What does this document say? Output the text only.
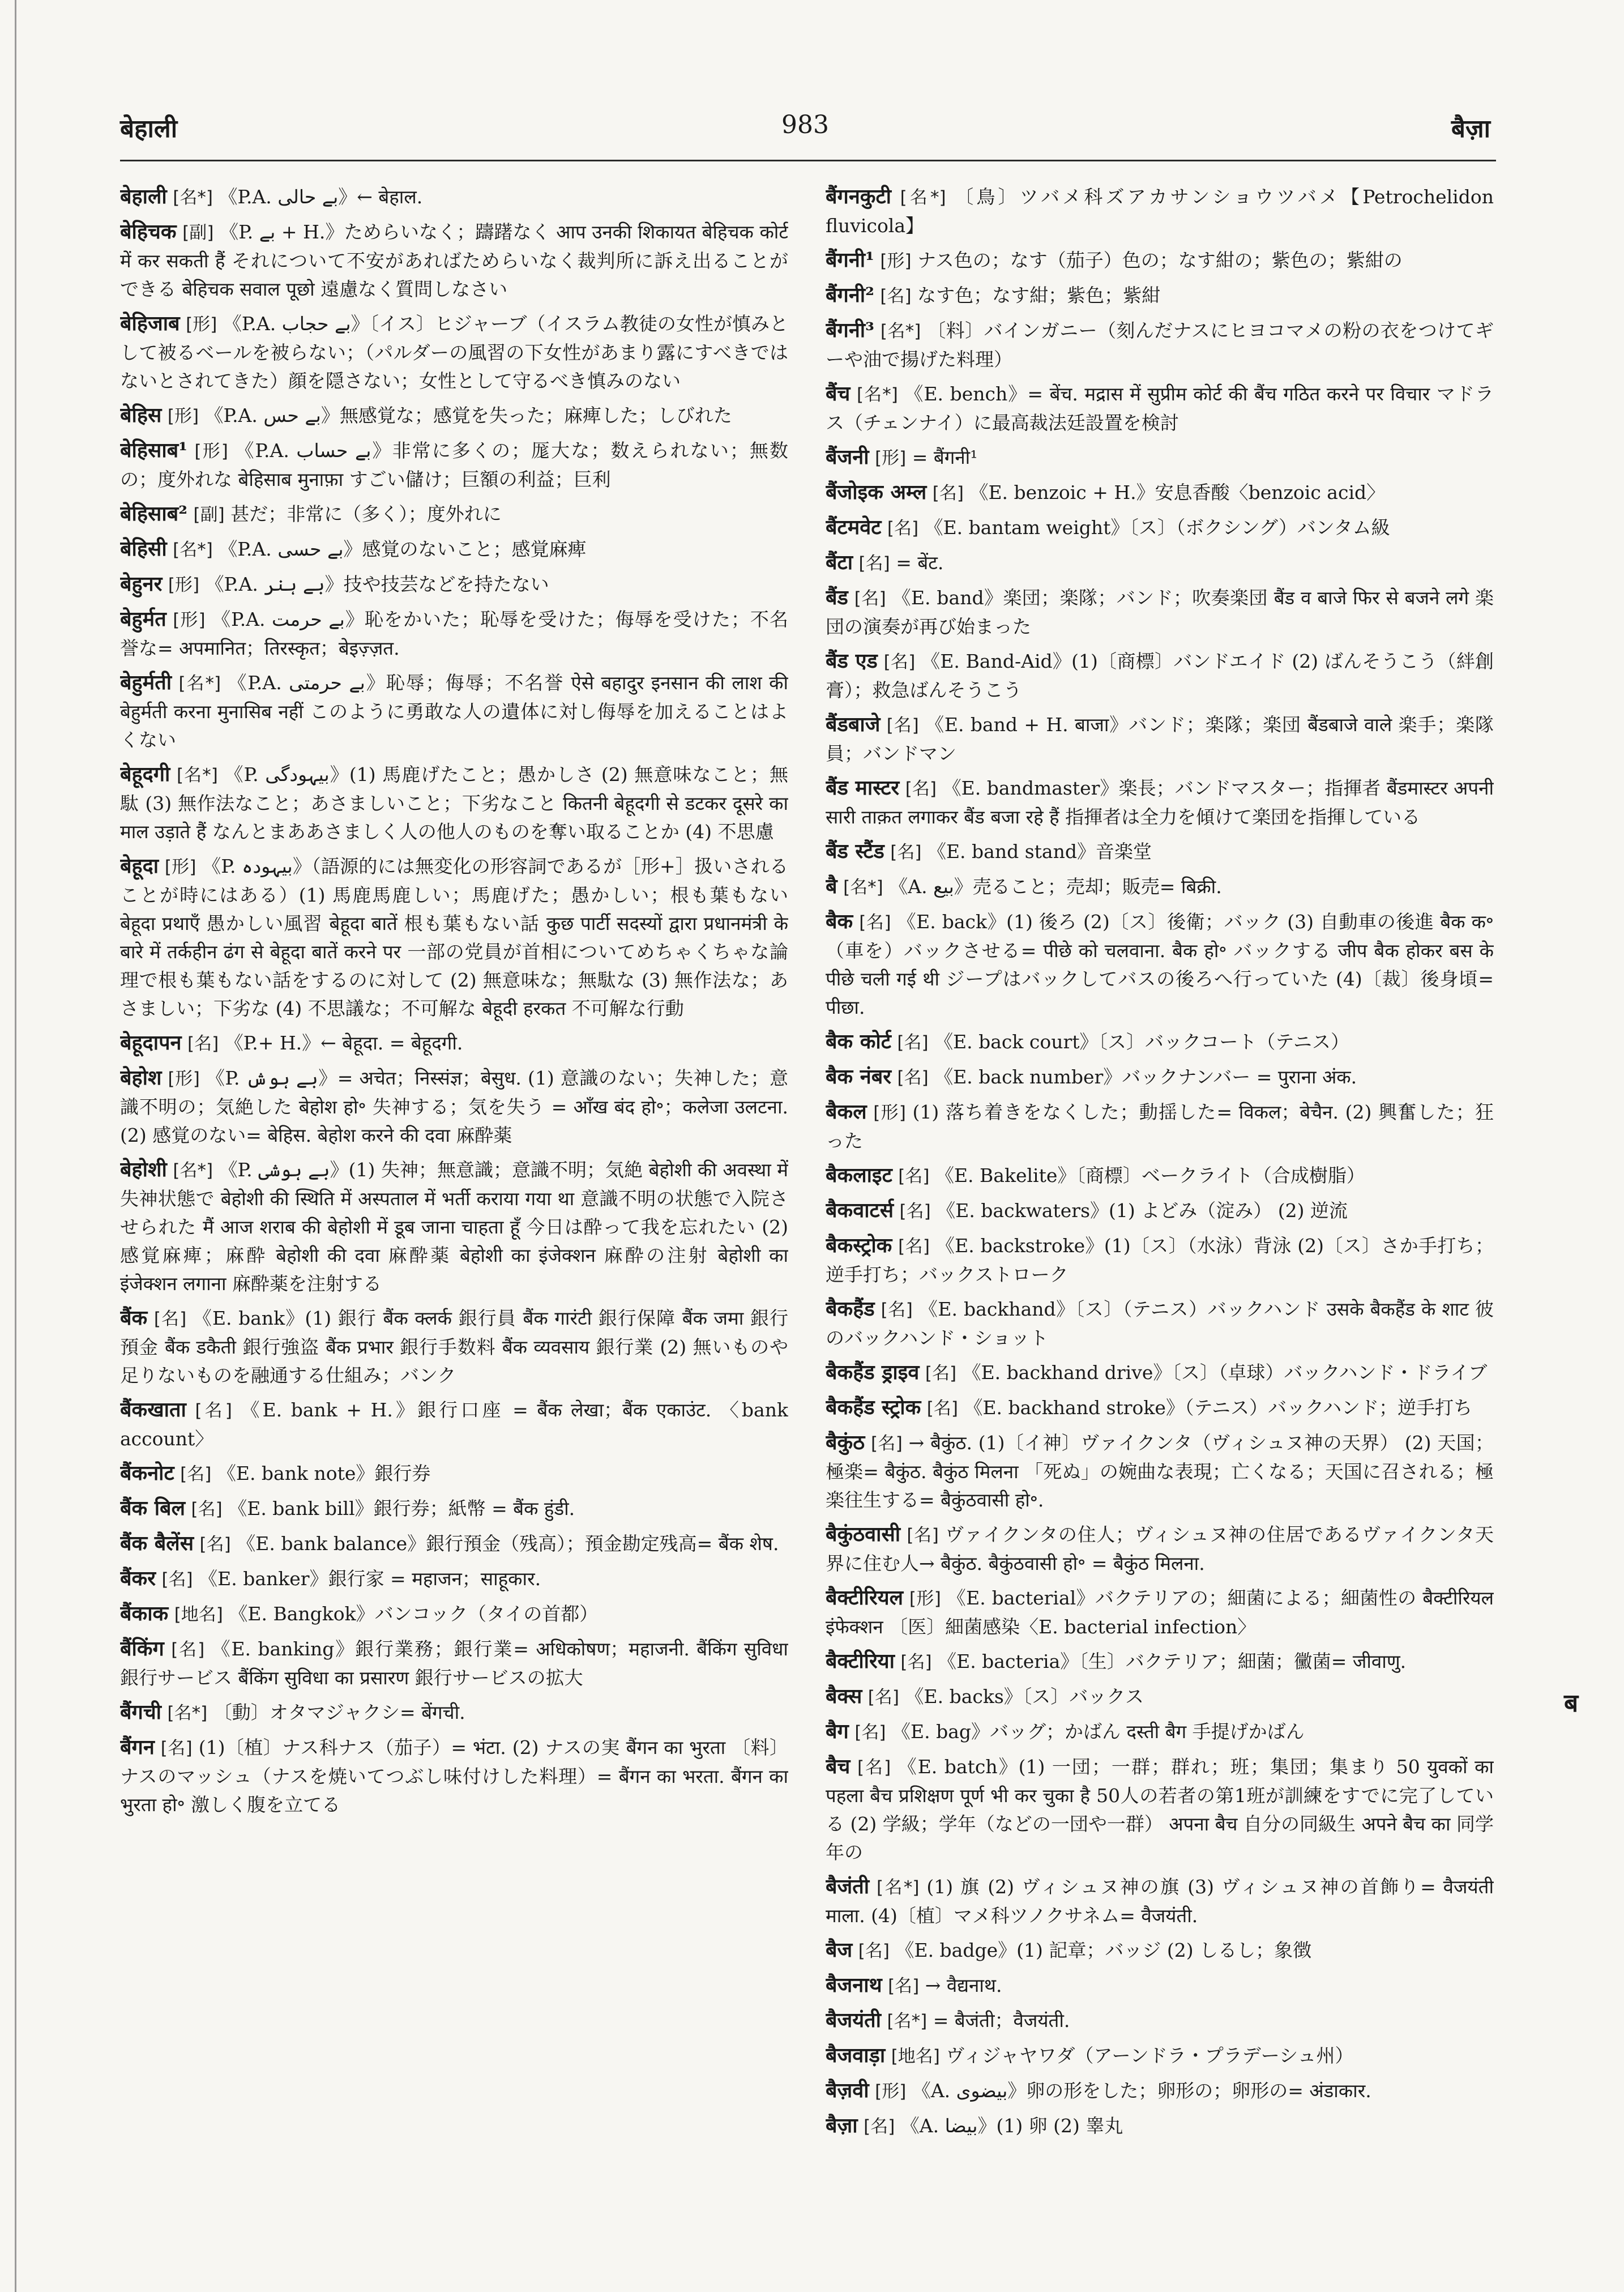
बेहाली	983	बैज़ा

बेहाली [名*] 《P.A. بے حالی》← बेहाल.

बेहिचक [副] 《P. بے + H.》ためらいなく；躊躇なく आप उनकी शिकायत बेहिचक कोर्ट में कर सकती हैं それについて不安があればためらいなく裁判所に訴え出ることができる बेहिचक सवाल पूछो 遠慮なく質問しなさい

बेहिजाब [形] 《P.A. بے حجاب》〔イス〕ヒジャーブ（イスラム教徒の女性が慎みとして被るベールを被らない；（パルダーの風習の下女性があまり露にすべきではないとされてきた）顔を隠さない；女性として守るべき慎みのない

बेहिस [形] 《P.A. بے حس》無感覚な；感覚を失った；麻痺した；しびれた

बेहिसाब¹ [形] 《P.A. بے حساب》非常に多くの；厖大な；数えられない；無数の；度外れな बेहिसाब मुनाफ़ा すごい儲け；巨額の利益；巨利

बेहिसाब² [副] 甚だ；非常に（多く）；度外れに

बेहिसी [名*] 《P.A. بے حسی》感覚のないこと；感覚麻痺

बेहुनर [形] 《P.A. بے ہنر》技や技芸などを持たない

बेहुर्मत [形] 《P.A. بے حرمت》恥をかいた；恥辱を受けた；侮辱を受けた；不名誉な= अपमानित；तिरस्कृत；बेइज़्ज़त.

बेहुर्मती [名*] 《P.A. بے حرمتی》恥辱；侮辱；不名誉 ऐसे बहादुर इनसान की लाश की बेहुर्मती करना मुनासिब नहीं このように勇敢な人の遺体に対し侮辱を加えることはよくない

बेहूदगी [名*] 《P. بیہودگی》(1) 馬鹿げたこと；愚かしさ (2) 無意味なこと；無駄 (3) 無作法なこと；あさましいこと；下劣なこと कितनी बेहूदगी से डटकर दूसरे का माल उड़ाते हैं なんとまああさましく人の他人のものを奪い取ることか (4) 不思慮

बेहूदा [形] 《P. بیہودہ》（語源的には無変化の形容詞であるが［形+］扱いされることが時にはある）(1) 馬鹿馬鹿しい；馬鹿げた；愚かしい；根も葉もない बेहूदा प्रथाएँ 愚かしい風習 बेहूदा बातें 根も葉もない話 कुछ पार्टी सदस्यों द्वारा प्रधानमंत्री के बारे में तर्कहीन ढंग से बेहूदा बातें करने पर 一部の党員が首相についてめちゃくちゃな論理で根も葉もない話をするのに対して (2) 無意味な；無駄な (3) 無作法な；あさましい；下劣な (4) 不思議な；不可解な बेहूदी हरकत 不可解な行動

बेहूदापन [名] 《P.+ H.》← बेहूदा. = बेहूदगी.

बेहोश [形] 《P. بے ہوش》= अचेत；निस्संज्ञ；बेसुध. (1) 意識のない；失神した；意識不明の；気絶した बेहोश हो॰ 失神する；気を失う = आँख बंद हो॰；कलेजा उलटना. (2) 感覚のない= बेहिस. बेहोश करने की दवा 麻酔薬

बेहोशी [名*] 《P. بے ہوشی》(1) 失神；無意識；意識不明；気絶 बेहोशी की अवस्था में 失神状態で बेहोशी की स्थिति में अस्पताल में भर्ती कराया गया था 意識不明の状態で入院させられた मैं आज शराब की बेहोशी में डूब जाना चाहता हूँ 今日は酔って我を忘れたい (2) 感覚麻痺；麻酔 बेहोशी की दवा 麻酔薬 बेहोशी का इंजेक्शन 麻酔の注射 बेहोशी का इंजेक्शन लगाना 麻酔薬を注射する

बैंक [名] 《E. bank》(1) 銀行 बैंक क्लर्क 銀行員 बैंक गारंटी 銀行保障 बैंक जमा 銀行預金 बैंक डकैती 銀行強盗 बैंक प्रभार 銀行手数料 बैंक व्यवसाय 銀行業 (2) 無いものや足りないものを融通する仕組み；バンク

बैंकखाता [名] 《E. bank + H.》銀行口座 = बैंक लेखा；बैंक एकाउंट. 〈bank account〉

बैंकनोट [名] 《E. bank note》銀行券

बैंक बिल [名] 《E. bank bill》銀行券；紙幣 = बैंक हुंडी.

बैंक बैलेंस [名] 《E. bank balance》銀行預金（残高）；預金勘定残高= बैंक शेष.

बैंकर [名] 《E. banker》銀行家 = महाजन；साहूकार.

बैंकाक [地名] 《E. Bangkok》バンコック（タイの首都）

बैंकिंग [名] 《E. banking》銀行業務；銀行業= अधिकोषण；महाजनी. बैंकिंग सुविधा 銀行サービス बैंकिंग सुविधा का प्रसारण 銀行サービスの拡大

बैंगची [名*] 〔動〕オタマジャクシ= बेंगची.

बैंगन [名] (1)〔植〕ナス科ナス（茄子）= भंटा. (2) ナスの実 बैंगन का भुरता 〔料〕ナスのマッシュ（ナスを焼いてつぶし味付けした料理）= बैंगन का भरता. बैंगन का भुरता हो॰ 激しく腹を立てる

बैंगनकुटी [名*] 〔鳥〕ツバメ科ズアカサンショウツバメ【Petrochelidon fluvicola】

बैंगनी¹ [形] ナス色の；なす（茄子）色の；なす紺の；紫色の；紫紺の

बैंगनी² [名] なす色；なす紺；紫色；紫紺

बैंगनी³ [名*] 〔料〕バインガニー（刻んだナスにヒヨコマメの粉の衣をつけてギーや油で揚げた料理）

बैंच [名*] 《E. bench》= बेंच. मद्रास में सुप्रीम कोर्ट की बैंच गठित करने पर विचार マドラス（チェンナイ）に最高裁法廷設置を検討

बैंजनी [形] = बैंगनी¹

बैंजोइक अम्ल [名] 《E. benzoic + H.》安息香酸〈benzoic acid〉

बैंटमवेट [名] 《E. bantam weight》〔ス〕（ボクシング）バンタム級

बैंटा [名] = बेंट.

बैंड [名] 《E. band》楽団；楽隊；バンド；吹奏楽団 बैंड व बाजे फिर से बजने लगे 楽団の演奏が再び始まった

बैंड एड [名] 《E. Band-Aid》(1)〔商標〕バンドエイド (2) ばんそうこう（絆創膏）；救急ばんそうこう

बैंडबाजे [名] 《E. band + H. बाजा》バンド；楽隊；楽団 बैंडबाजे वाले 楽手；楽隊員；バンドマン

बैंड मास्टर [名] 《E. bandmaster》楽長；バンドマスター；指揮者 बैंडमास्टर अपनी सारी ताक़त लगाकर बैंड बजा रहे हैं 指揮者は全力を傾けて楽団を指揮している

बैंड स्टैंड [名] 《E. band stand》音楽堂

बै [名*] 《A. بیع》売ること；売却；販売= बिक्री.

बैक [名] 《E. back》(1) 後ろ (2)〔ス〕後衛；バック (3) 自動車の後進 बैक क॰（車を）バックさせる= पीछे को चलवाना. बैक हो॰ バックする जीप बैक होकर बस के पीछे चली गई थी ジープはバックしてバスの後ろへ行っていた (4)〔裁〕後身頃= पीछा.

बैक कोर्ट [名] 《E. back court》〔ス〕バックコート（テニス）

बैक नंबर [名] 《E. back number》バックナンバー = पुराना अंक.

बैकल [形] (1) 落ち着きをなくした；動揺した= विकल；बेचैन. (2) 興奮した；狂った

बैकलाइट [名] 《E. Bakelite》〔商標〕ベークライト（合成樹脂）

बैकवाटर्स [名] 《E. backwaters》(1) よどみ（淀み） (2) 逆流

बैकस्ट्रोक [名] 《E. backstroke》(1)〔ス〕（水泳）背泳 (2)〔ス〕さか手打ち；逆手打ち；バックストローク

बैकहैंड [名] 《E. backhand》〔ス〕（テニス）バックハンド उसके बैकहैंड के शाट 彼のバックハンド・ショット

बैकहैंड ड्राइव [名] 《E. backhand drive》〔ス〕（卓球）バックハンド・ドライブ

बैकहैंड स्ट्रोक [名] 《E. backhand stroke》（テニス）バックハンド；逆手打ち

बैकुंठ [名] → बैकुंठ. (1)〔イ神〕ヴァイクンタ（ヴィシュヌ神の天界） (2) 天国；極楽= बैकुंठ. बैकुंठ मिलना 「死ぬ」の婉曲な表現；亡くなる；天国に召される；極楽往生する= बैकुंठवासी हो॰.

बैकुंठवासी [名] ヴァイクンタの住人；ヴィシュヌ神の住居であるヴァイクンタ天界に住む人→ बैकुंठ. बैकुंठवासी हो॰ = बैकुंठ मिलना.

बैक्टीरियल [形] 《E. bacterial》バクテリアの；細菌による；細菌性の बैक्टीरियल इंफेक्शन 〔医〕細菌感染〈E. bacterial infection〉

बैक्टीरिया [名] 《E. bacteria》〔生〕バクテリア；細菌；黴菌= जीवाणु.

बैक्स [名] 《E. backs》〔ス〕バックス

बैग [名] 《E. bag》バッグ；かばん दस्ती बैग 手提げかばん

बैच [名] 《E. batch》(1) 一団；一群；群れ；班；集団；集まり 50 युवकों का पहला बैच प्रशिक्षण पूर्ण भी कर चुका है 50人の若者の第1班が訓練をすでに完了している (2) 学級；学年（などの一団や一群） अपना बैच 自分の同級生 अपने बैच का 同学年の

बैजंती [名*] (1) 旗 (2) ヴィシュヌ神の旗 (3) ヴィシュヌ神の首飾り= वैजयंती माला. (4)〔植〕マメ科ツノクサネム= वैजयंती.

बैज [名] 《E. badge》(1) 記章；バッジ (2) しるし；象徴

बैजनाथ [名] → वैद्यनाथ.

बैजयंती [名*] = बैजंती；वैजयंती.

बैजवाड़ा [地名] ヴィジャヤワダ（アーンドラ・プラデーシュ州）

बैज़वी [形] 《A. بیضوی》卵の形をした；卵形の；卵形の= अंडाकार.

बैज़ा [名] 《A. بیضا》(1) 卵 (2) 睾丸

ब
